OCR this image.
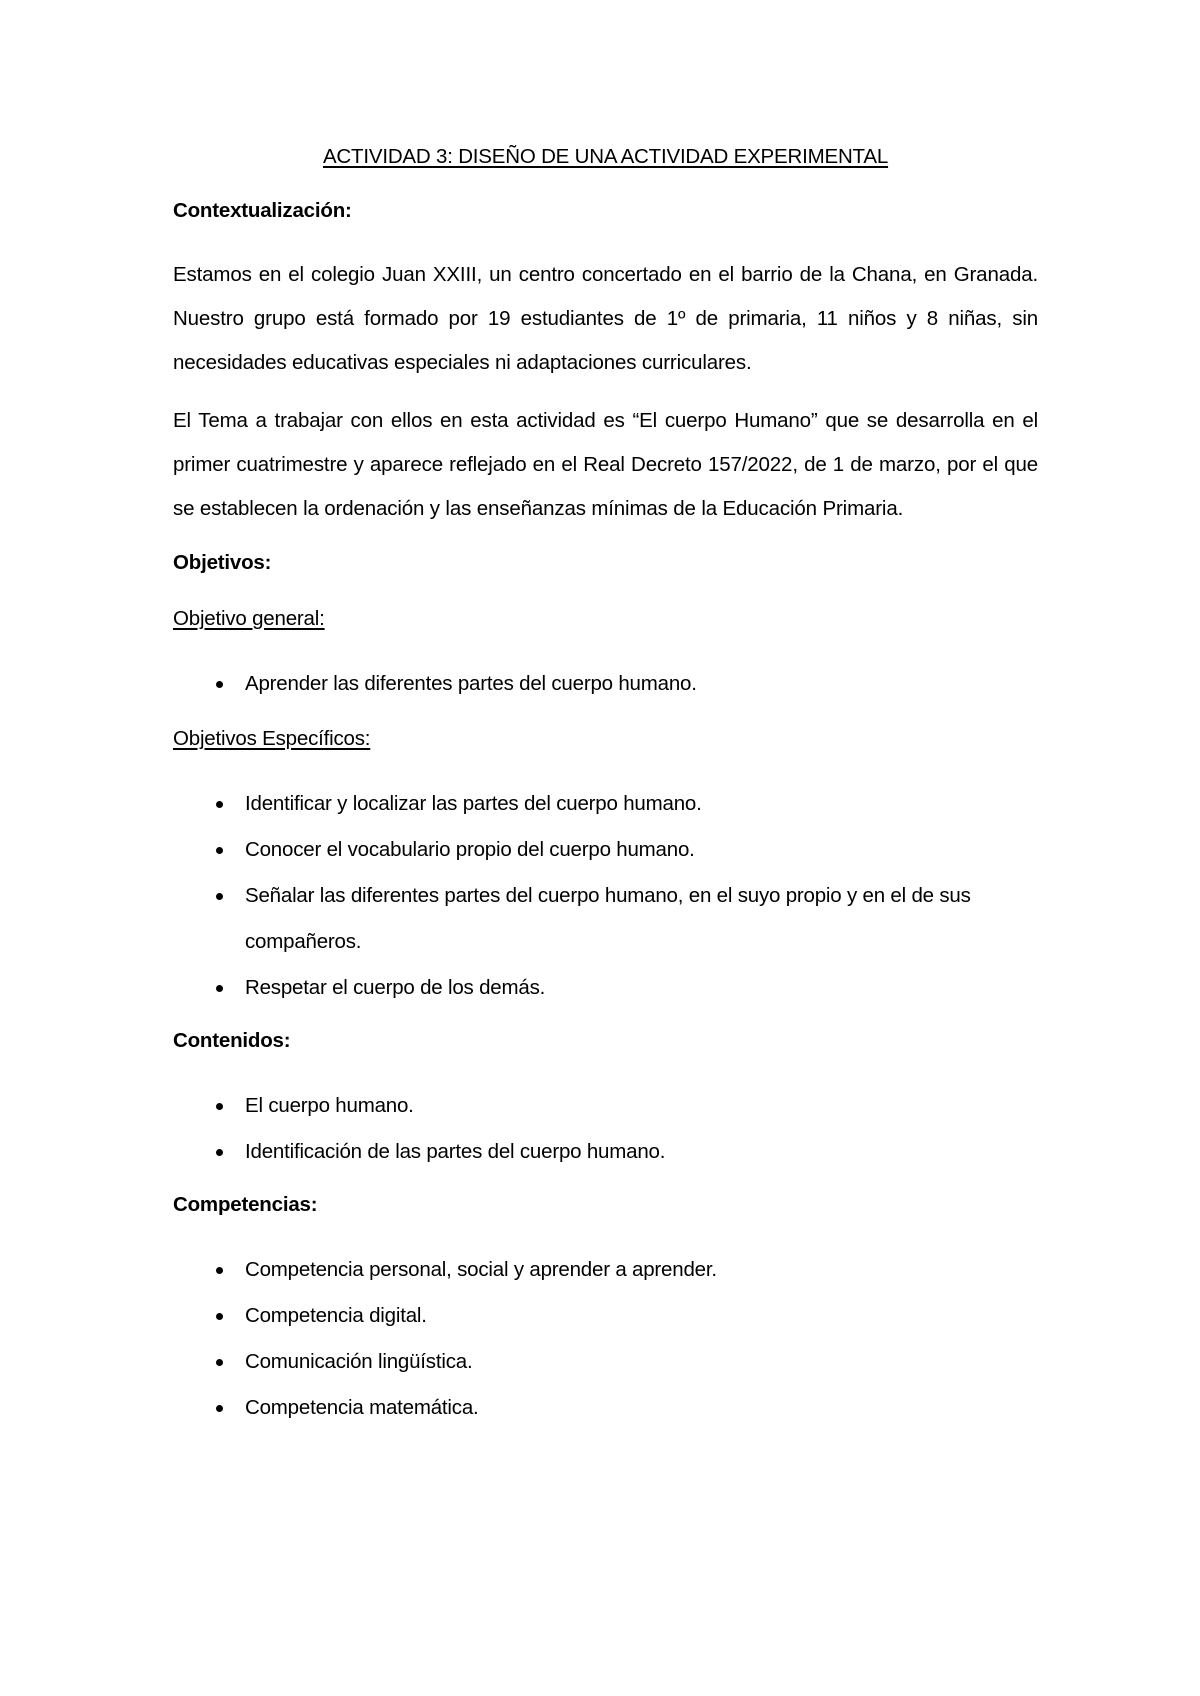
ACTIVIDAD 3: DISEÑO DE UNA ACTIVIDAD EXPERIMENTAL
Contextualización:

Estamos en el colegio Juan XXIII, un centro concertado en el barrio de la Chana, en Granada. Nuestro grupo está formado por 19 estudiantes de 1º de primaria, 11 niños y 8 niñas, sin necesidades educativas especiales ni adaptaciones curriculares.

El Tema a trabajar con ellos en esta actividad es “El cuerpo Humano” que se desarrolla en el primer cuatrimestre y aparece reflejado en el Real Decreto 157/2022, de 1 de marzo, por el que se establecen la ordenación y las enseñanzas mínimas de la Educación Primaria.

Objetivos:
Objetivo general:
Aprender las diferentes partes del cuerpo humano.
Objetivos Específicos:
Identificar y localizar las partes del cuerpo humano.
Conocer el vocabulario propio del cuerpo humano.
Señalar las diferentes partes del cuerpo humano, en el suyo propio y en el de sus compañeros.
Respetar el cuerpo de los demás.
Contenidos:
El cuerpo humano.
Identificación de las partes del cuerpo humano.
Competencias:
Competencia personal, social y aprender a aprender.
Competencia digital.
Comunicación lingüística.
Competencia matemática.
